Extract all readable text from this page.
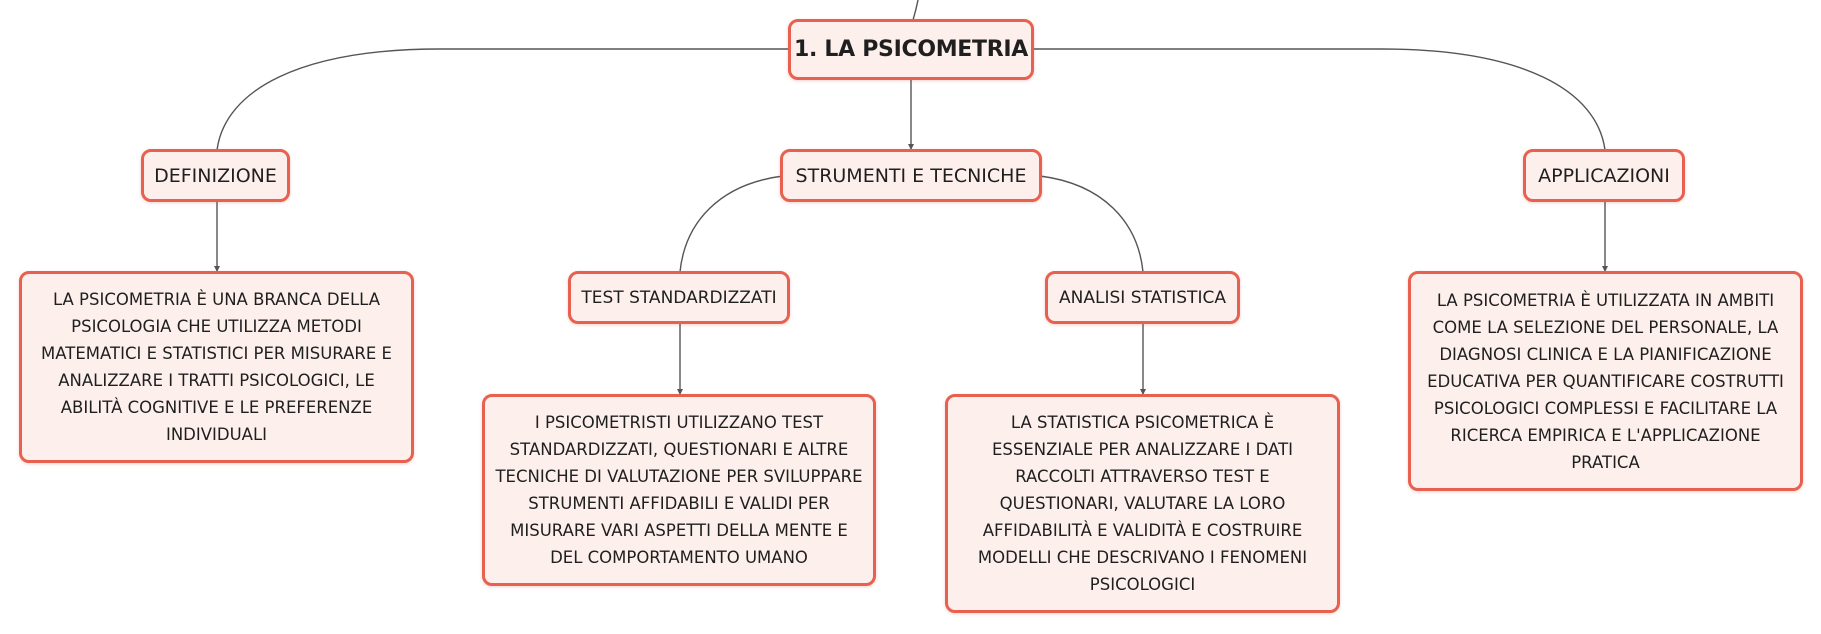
1. LA PSICOMETRIA
DEFINIZIONE	STRUMENTI E TECNICHE	APPLICAZIONI
TEST STANDARDIZZATI	ANALISI STATISTICA
LA PSICOMETRIA È UNA BRANCA DELLA PSICOLOGIA CHE UTILIZZA METODI MATEMATICI E STATISTICI PER MISURARE E ANALIZZARE I TRATTI PSICOLOGICI, LE ABILITÀ COGNITIVE E LE PREFERENZE INDIVIDUALI
I PSICOMETRISTI UTILIZZANO TEST STANDARDIZZATI, QUESTIONARI E ALTRE TECNICHE DI VALUTAZIONE PER SVILUPPARE STRUMENTI AFFIDABILI E VALIDI PER MISURARE VARI ASPETTI DELLA MENTE E DEL COMPORTAMENTO UMANO
LA STATISTICA PSICOMETRICA È ESSENZIALE PER ANALIZZARE I DATI RACCOLTI ATTRAVERSO TEST E QUESTIONARI, VALUTARE LA LORO AFFIDABILITÀ E VALIDITÀ E COSTRUIRE MODELLI CHE DESCRIVANO I FENOMENI PSICOLOGICI
LA PSICOMETRIA È UTILIZZATA IN AMBITI COME LA SELEZIONE DEL PERSONALE, LA DIAGNOSI CLINICA E LA PIANIFICAZIONE EDUCATIVA PER QUANTIFICARE COSTRUTTI PSICOLOGICI COMPLESSI E FACILITARE LA RICERCA EMPIRICA E L'APPLICAZIONE PRATICA
